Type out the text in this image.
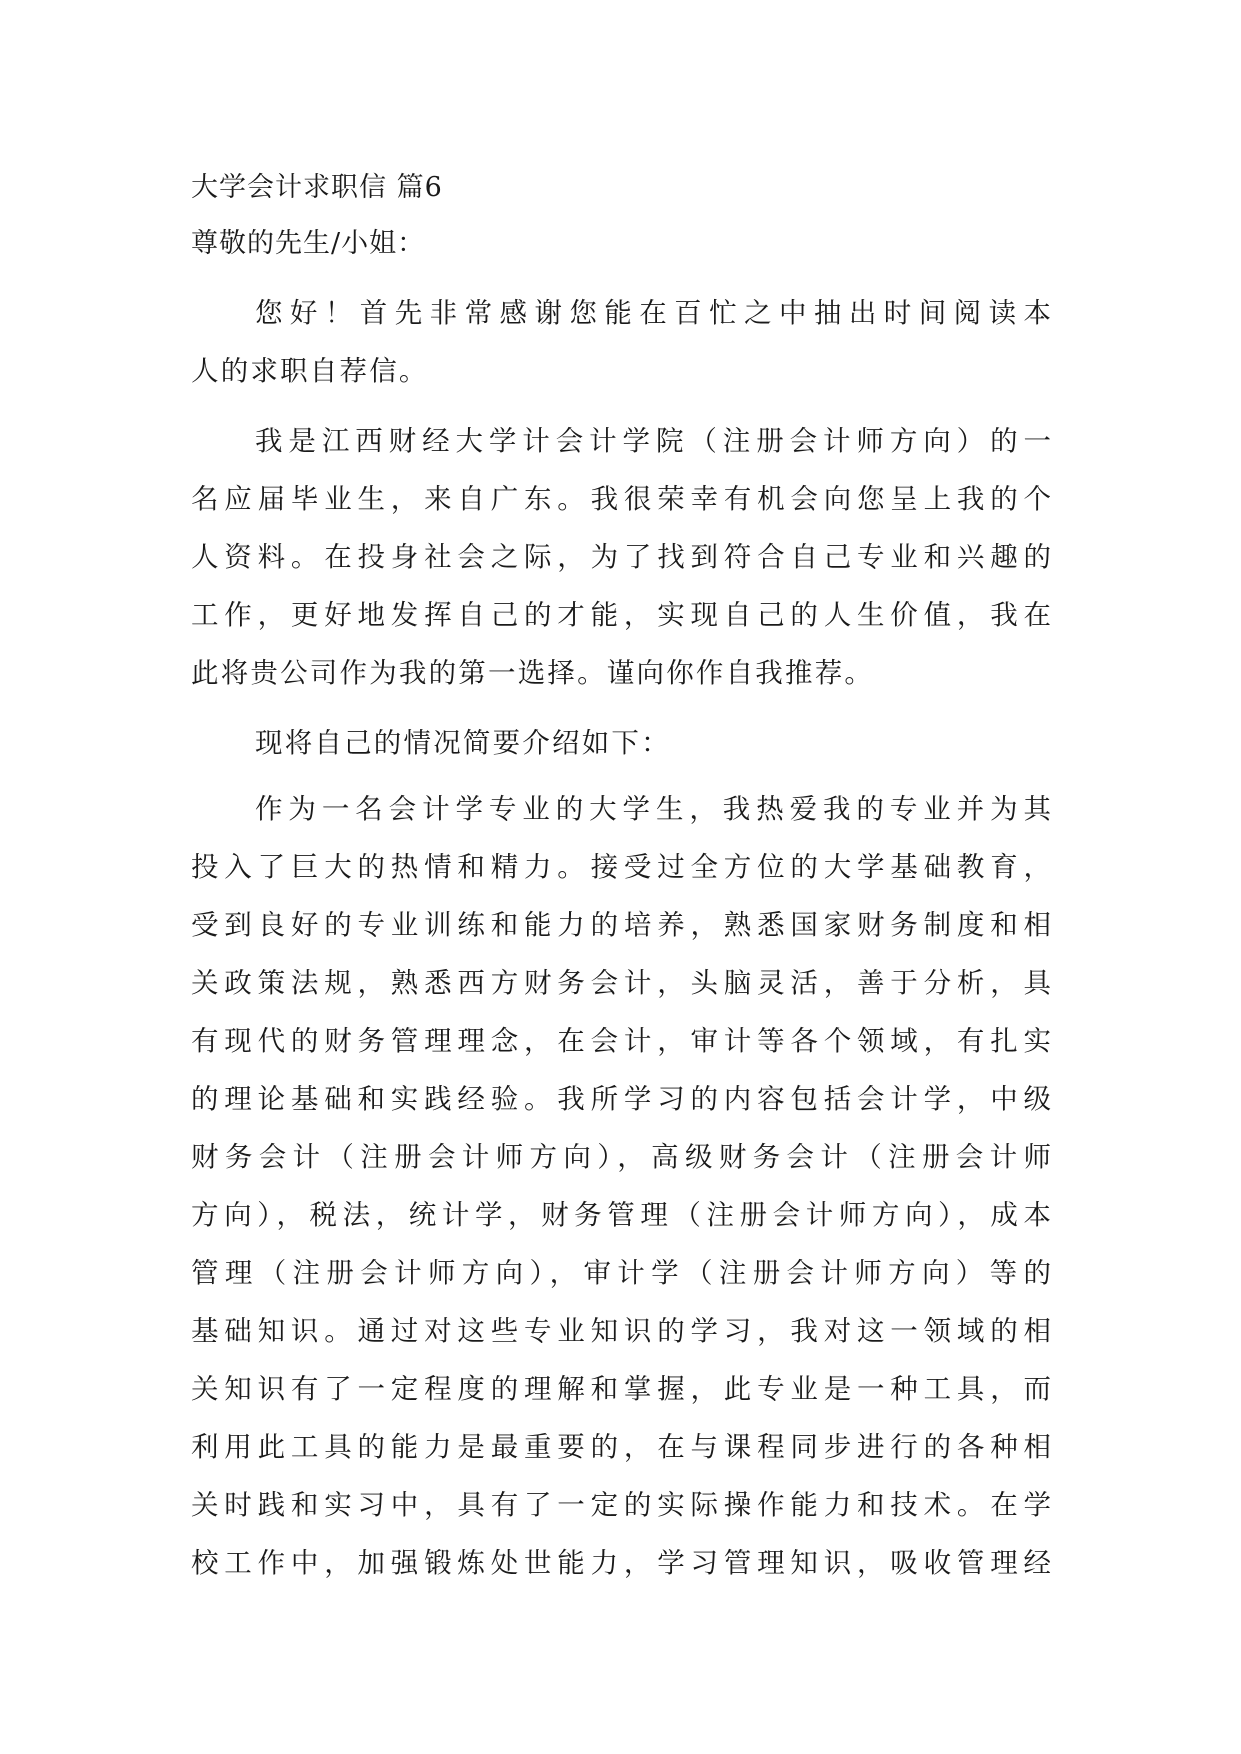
大学会计求职信 篇6
尊敬的先生/小姐：
您好！首先非常感谢您能在百忙之中抽出时间阅读本
人的求职自荐信。
我是江西财经大学计会计学院（注册会计师方向）的一
名应届毕业生，来自广东。我很荣幸有机会向您呈上我的个
人资料。在投身社会之际，为了找到符合自己专业和兴趣的
工作，更好地发挥自己的才能，实现自己的人生价值，我在
此将贵公司作为我的第一选择。谨向你作自我推荐。
现将自己的情况简要介绍如下：
作为一名会计学专业的大学生，我热爱我的专业并为其
投入了巨大的热情和精力。接受过全方位的大学基础教育，
受到良好的专业训练和能力的培养，熟悉国家财务制度和相
关政策法规，熟悉西方财务会计，头脑灵活，善于分析，具
有现代的财务管理理念，在会计，审计等各个领域，有扎实
的理论基础和实践经验。我所学习的内容包括会计学，中级
财务会计（注册会计师方向），高级财务会计（注册会计师
方向），税法，统计学，财务管理（注册会计师方向），成本
管理（注册会计师方向），审计学（注册会计师方向）等的
基础知识。通过对这些专业知识的学习，我对这一领域的相
关知识有了一定程度的理解和掌握，此专业是一种工具，而
利用此工具的能力是最重要的，在与课程同步进行的各种相
关时践和实习中，具有了一定的实际操作能力和技术。在学
校工作中，加强锻炼处世能力，学习管理知识，吸收管理经
